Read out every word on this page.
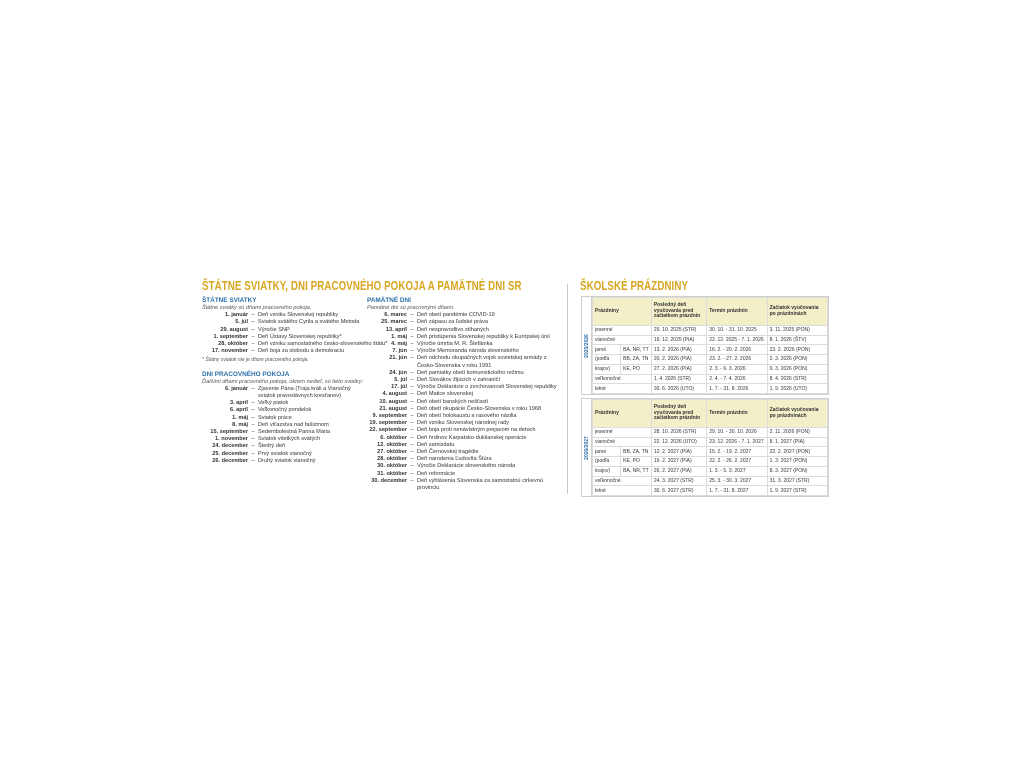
ŠTÁTNE SVIATKY, DNI PRACOVNÉHO POKOJA A PAMÄTNÉ DNI SR	ŠKOLSKÉ PRÁZDNINY
ŠTÁTNE SVIATKY
Štátne sviatky sú dňami pracovného pokoja.
1. január – Deň vzniku Slovenskej republiky
5. júl – Sviatok svätého Cyrila a svätého Metoda
29. august – Výročie SNP
1. september – Deň Ústavy Slovenskej republiky*
28. október – Deň vzniku samostatného česko-slovenského štátu*
17. november – Deň boja za slobodu a demokraciu
* Štátny sviatok nie je dňom pracovného pokoja.
DNI PRACOVNÉHO POKOJA
Ďalšími dňami pracovného pokoja, okrem nedieľ, sú tieto sviatky:
6. január – Zjavenie Pána (Traja králi a Vianočný sviatok pravoslávnych kresťanov)
3. apríl – Veľký piatok
6. apríl – Veľkonočný pondelok
1. máj – Sviatok práce
8. máj – Deň víťazstva nad fašizmom
15. september – Sedembolestná Panna Mária
1. november – Sviatok všetkých svätých
24. december – Štedrý deň
25. december – Prvý sviatok vianočný
26. december – Druhý sviatok vianočný
PAMÄTNÉ DNI
Pamätné dni sú pracovnými dňami.
6. marec – Deň obetí pandémie COVID-19
25. marec – Deň zápasu za ľudské práva
13. apríl – Deň nespravodlivo stíhaných
1. máj – Deň pristúpenia Slovenskej republiky k Európskej únii
4. máj – Výročie úmrtia M. R. Štefánika
7. jún – Výročie Memoranda národa slovenského
21. jún – Deň odchodu okupačných vojsk sovietskej armády z Česko-Slovenska v roku 1991
24. jún – Deň pamiatky obetí komunistického režimu
5. júl – Deň Slovákov žijúcich v zahraničí
17. júl – Výročie Deklarácie o zvrchovanosti Slovenskej republiky
4. august – Deň Matice slovenskej
10. august – Deň obetí banských nešťastí
21. august – Deň obetí okupácie Česko-Slovenska v roku 1968
9. september – Deň obetí holokaustu a rasového násilia
19. september – Deň vzniku Slovenskej národnej rady
22. september – Deň boja proti nenávistným prejavom na detoch
6. október – Deň hrdinov Karpatsko-duklianskej operácie
12. október – Deň samizdatu
27. október – Deň Černovskej tragédie
28. október – Deň narodenia Ľudovíta Štúra
30. október – Výročie Deklarácie slovenského národa
31. október – Deň reformácie
30. december – Deň vyhlásenia Slovenska za samostatnú cirkevnú provinciu
2025/2026
Prázdniny		Posledný deň vyučovania pred začiatkom prázdnin	Termín prázdnin	Začiatok vyučovania po prázdninách
jesenné		29. 10. 2025 (STR)	30. 10. - 31. 10. 2025	3. 11. 2025 (PON)
vianočné		19. 12. 2025 (PIA)	22. 12. 2025 - 7. 1. 2026	8. 1. 2026 (ŠTV)
jarné	BA, NR, TT	13. 2. 2026 (PIA)	16. 2. - 20. 2. 2026	23. 2. 2026 (PON)
(podľa	BB, ZA, TN	20. 2. 2026 (PIA)	23. 2. - 27. 2. 2026	2. 3. 2026 (PON)
krajov)	KE, PO	27. 2. 2026 (PIA)	2. 3. - 6. 3. 2026	9. 3. 2026 (PON)
veľkonočné		1. 4. 2026 (STR)	2. 4. - 7. 4. 2026	8. 4. 2026 (STR)
letné		30. 6. 2026 (UTO)	1. 7. - 31. 8. 2026	1. 9. 2026 (UTO)
2026/2027
Prázdniny		Posledný deň vyučovania pred začiatkom prázdnin	Termín prázdnin	Začiatok vyučovania po prázdninách
jesenné		28. 10. 2026 (STR)	29. 10. - 30. 10. 2026	2. 11. 2026 (PON)
vianočné		22. 12. 2026 (UTO)	23. 12. 2026 - 7. 1. 2027	8. 1. 2027 (PIA)
jarné	BB, ZA, TN	12. 2. 2027 (PIA)	15. 2. - 19. 2. 2027	22. 2. 2027 (PON)
(podľa	KE, PO	19. 2. 2027 (PIA)	22. 2. - 26. 2. 2027	1. 3. 2027 (PON)
krajov)	BA, NR, TT	26. 2. 2027 (PIA)	1. 3. - 5. 3. 2027	8. 3. 2027 (PON)
veľkonočné		24. 3. 2027 (STR)	25. 3. - 30. 3. 2027	31. 3. 2027 (STR)
letné		30. 6. 2027 (STR)	1. 7. - 31. 8. 2027	1. 9. 2027 (STR)
